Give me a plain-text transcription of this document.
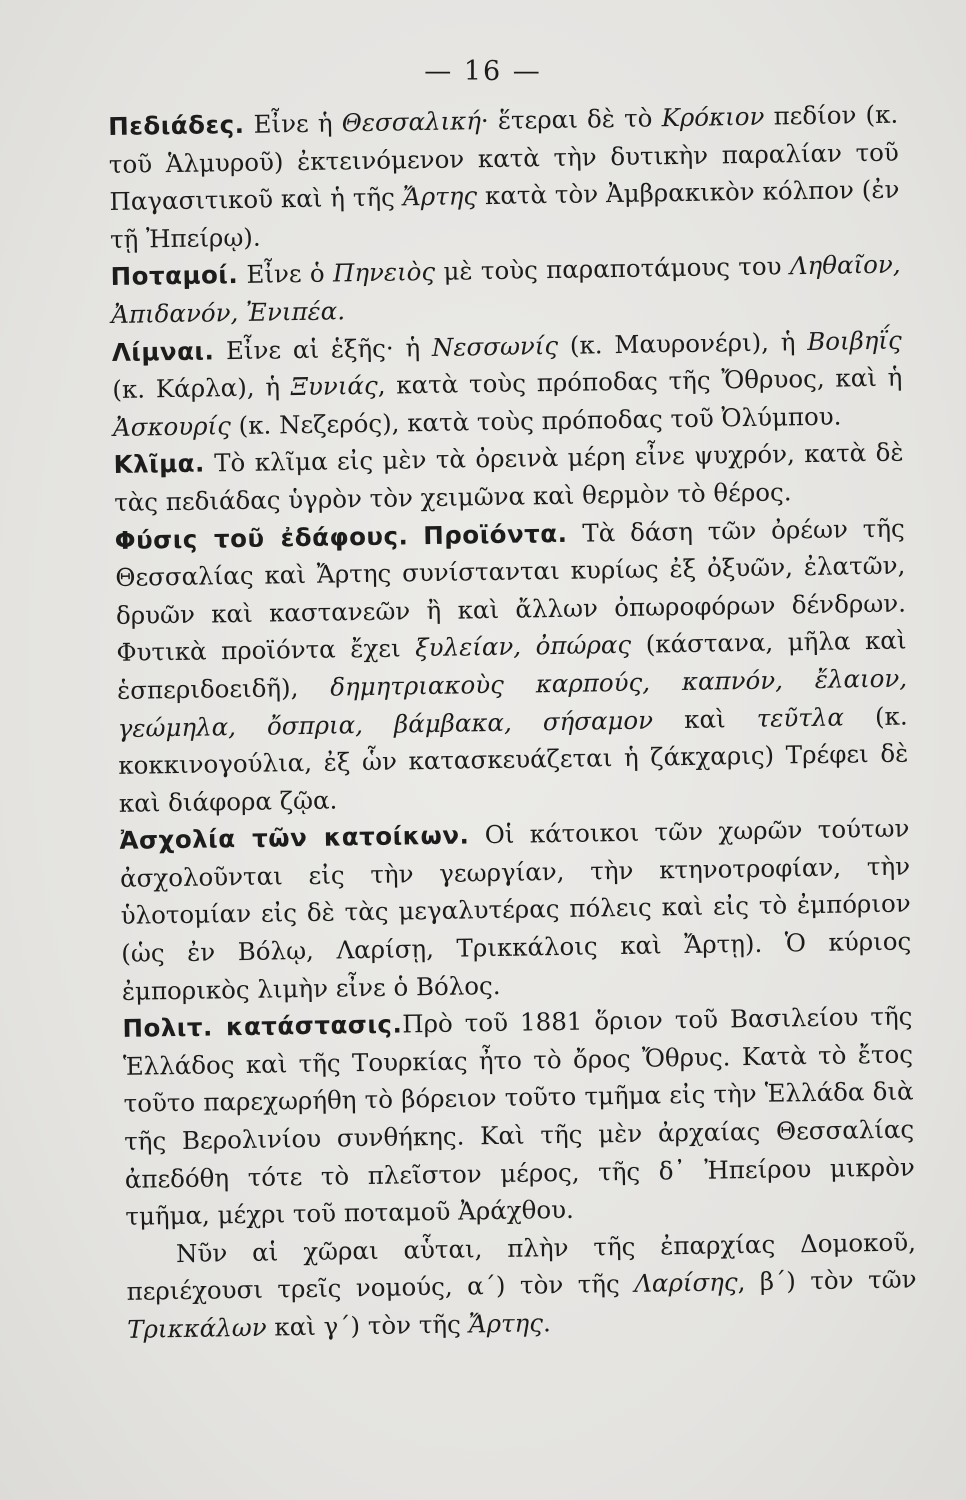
— 16 —

Πεδιάδες. Εἶνε ἡ Θεσσαλική· ἕτεραι δὲ τὸ Κρόκιον πεδίον (κ. τοῦ Ἁλμυροῦ) ἐκτεινόμενον κατὰ τὴν δυτικὴν παραλίαν τοῦ Παγασιτικοῦ καὶ ἡ τῆς Ἄρτης κατὰ τὸν Ἀμβρακικὸν κόλπον (ἐν τῇ Ἠπείρῳ).

Ποταμοί. Εἶνε ὁ Πηνειὸς μὲ τοὺς παραποτάμους του Ληθαῖον, Ἀπιδανόν, Ἐνιπέα.

Λίμναι. Εἶνε αἱ ἑξῆς· ἡ Νεσσωνίς (κ. Μαυρονέρι), ἡ Βοιβηΐς (κ. Κάρλα), ἡ Ξυνιάς, κατὰ τοὺς πρόποδας τῆς Ὄθρυος, καὶ ἡ Ἀσκουρίς (κ. Νεζερός), κατὰ τοὺς πρόποδας τοῦ Ὀλύμπου.

Κλῖμα. Τὸ κλῖμα εἰς μὲν τὰ ὀρεινὰ μέρη εἶνε ψυχρόν, κατὰ δὲ τὰς πεδιάδας ὑγρὸν τὸν χειμῶνα καὶ θερμὸν τὸ θέρος.

Φύσις τοῦ ἐδάφους. Προϊόντα. Τὰ δάση τῶν ὀρέων τῆς Θεσσαλίας καὶ Ἄρτης συνίστανται κυρίως ἐξ ὀξυῶν, ἐλατῶν, δρυῶν καὶ καστανεῶν ἢ καὶ ἄλλων ὀπωροφόρων δένδρων. Φυτικὰ προϊόντα ἔχει ξυλείαν, ὀπώρας (κάστανα, μῆλα καὶ ἑσπεριδοειδῆ), δημητριακοὺς καρπούς, καπνόν, ἔλαιον, γεώμηλα, ὄσπρια, βάμβακα, σήσαμον καὶ τεῦτλα (κ. κοκκινογούλια, ἐξ ὧν κατασκευάζεται ἡ ζάκχαρις) Τρέφει δὲ καὶ διάφορα ζῷα.

Ἀσχολία τῶν κατοίκων. Οἱ κάτοικοι τῶν χωρῶν τούτων ἀσχολοῦνται εἰς τὴν γεωργίαν, τὴν κτηνοτροφίαν, τὴν ὑλοτομίαν εἰς δὲ τὰς μεγαλυτέρας πόλεις καὶ εἰς τὸ ἐμπόριον (ὡς ἐν Βόλῳ, Λαρίσῃ, Τρικκάλοις καὶ Ἄρτῃ). Ὁ κύριος ἐμπορικὸς λιμὴν εἶνε ὁ Βόλος.

Πολιτ. κατάστασις.Πρὸ τοῦ 1881 ὅριον τοῦ Βασιλείου τῆς Ἑλλάδος καὶ τῆς Τουρκίας ἦτο τὸ ὄρος Ὄθρυς. Κατὰ τὸ ἔτος τοῦτο παρεχωρήθη τὸ βόρειον τοῦτο τμῆμα εἰς τὴν Ἑλλάδα διὰ τῆς Βερολινίου συνθήκης. Καὶ τῆς μὲν ἀρχαίας Θεσσαλίας ἀπεδόθη τότε τὸ πλεῖστον μέρος, τῆς δ᾽ Ἠπείρου μικρὸν τμῆμα, μέχρι τοῦ ποταμοῦ Ἀράχθου.

Νῦν αἱ χῶραι αὗται, πλὴν τῆς ἐπαρχίας Δομοκοῦ, περιέχουσι τρεῖς νομούς, α΄) τὸν τῆς Λαρίσης, β΄) τὸν τῶν Τρικκάλων καὶ γ΄) τὸν τῆς Ἄρτης.
